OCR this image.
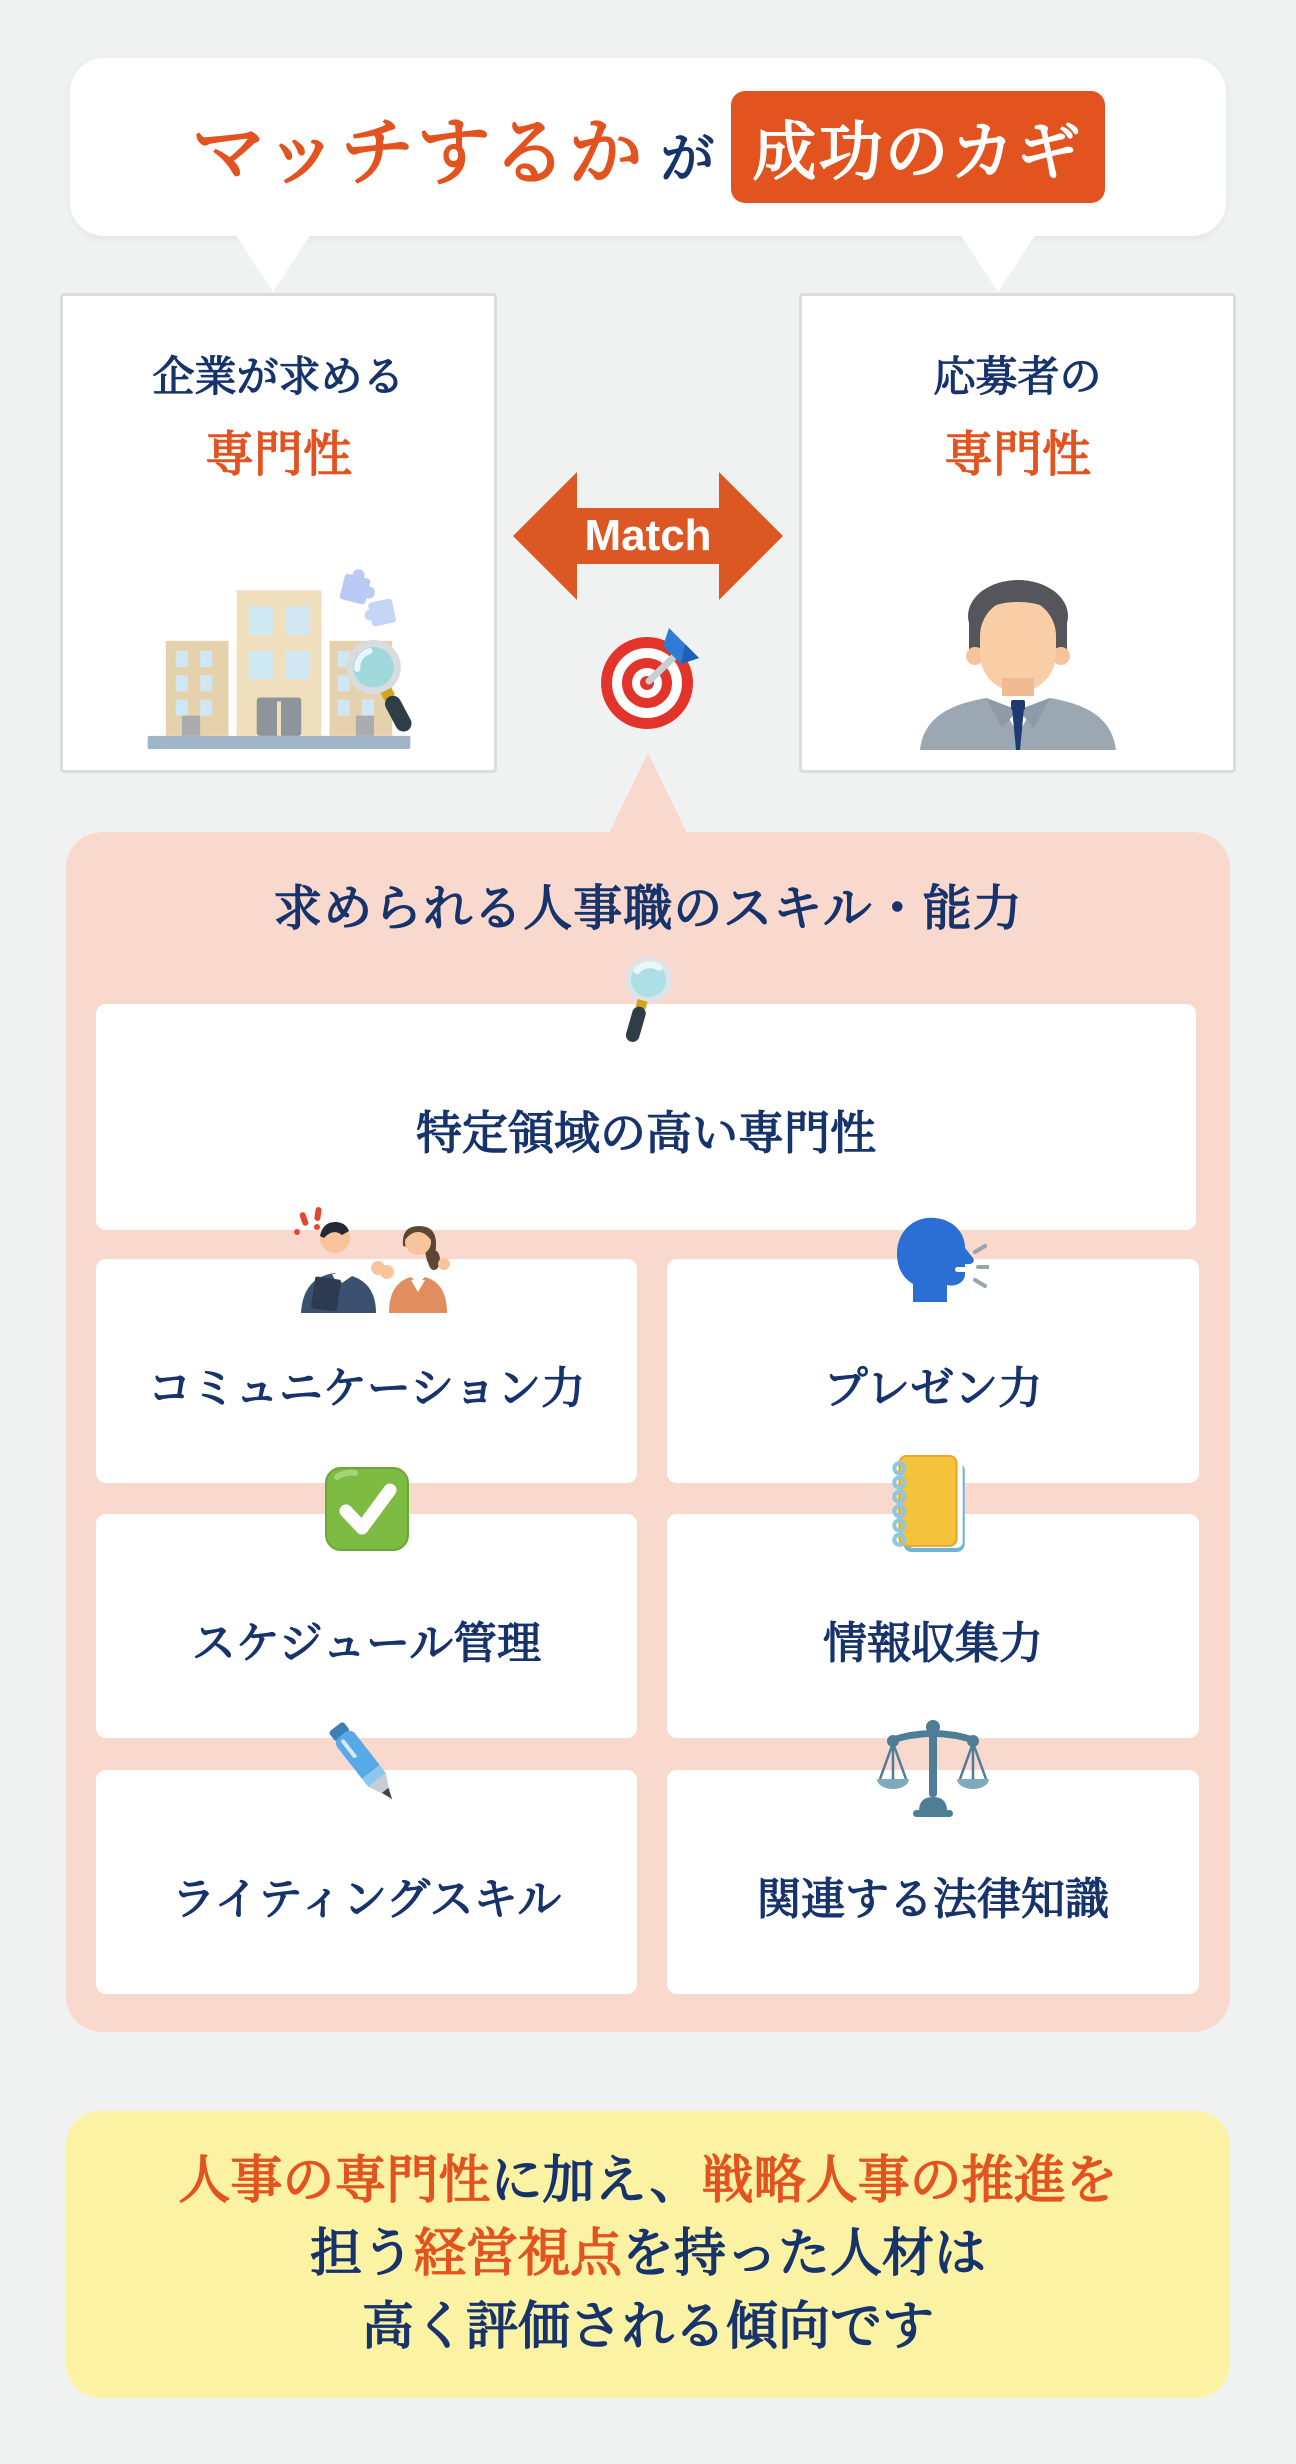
マッチするか が 成功のカギ
企業が求める
専門性
応募者の
専門性
Match
求められる人事職のスキル・能力
特定領域の高い専門性
コミュニケーション力	プレゼン力
スケジュール管理	情報収集力
ライティングスキル	関連する法律知識
人事の専門性に加え、戦略人事の推進を
担う経営視点を持った人材は
高く評価される傾向です
